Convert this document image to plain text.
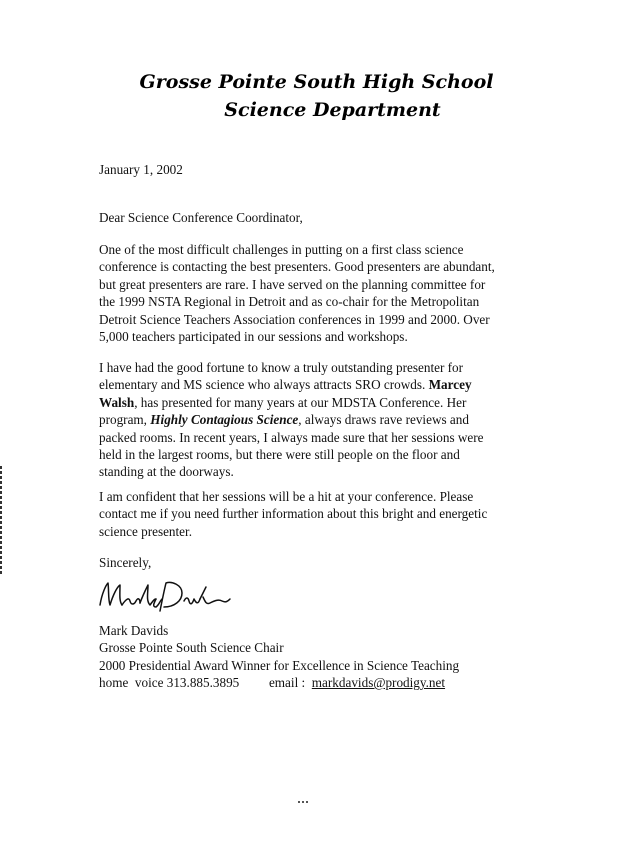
Grosse Pointe South High School
Science Department
January 1, 2002
Dear Science Conference Coordinator,

One of the most difficult challenges in putting on a first class science

conference is contacting the best presenters. Good presenters are abundant,

but great presenters are rare. I have served on the planning committee for

the 1999 NSTA Regional in Detroit and as co-chair for the Metropolitan

Detroit Science Teachers Association conferences in 1999 and 2000. Over

5,000 teachers participated in our sessions and workshops.

I have had the good fortune to know a truly outstanding presenter for

elementary and MS science who always attracts SRO crowds. Marcey

Walsh, has presented for many years at our MDSTA Conference. Her

program, Highly Contagious Science, always draws rave reviews and

packed rooms. In recent years, I always made sure that her sessions were

held in the largest rooms, but there were still people on the floor and

standing at the doorways.

I am confident that her sessions will be a hit at your conference. Please

contact me if you need further information about this bright and energetic

science presenter.

Sincerely,

Mark Davids

Grosse Pointe South Science Chair

2000 Presidential Award Winner for Excellence in Science Teaching

home  voice 313.885.3895         email :  markdavids@prodigy.net
